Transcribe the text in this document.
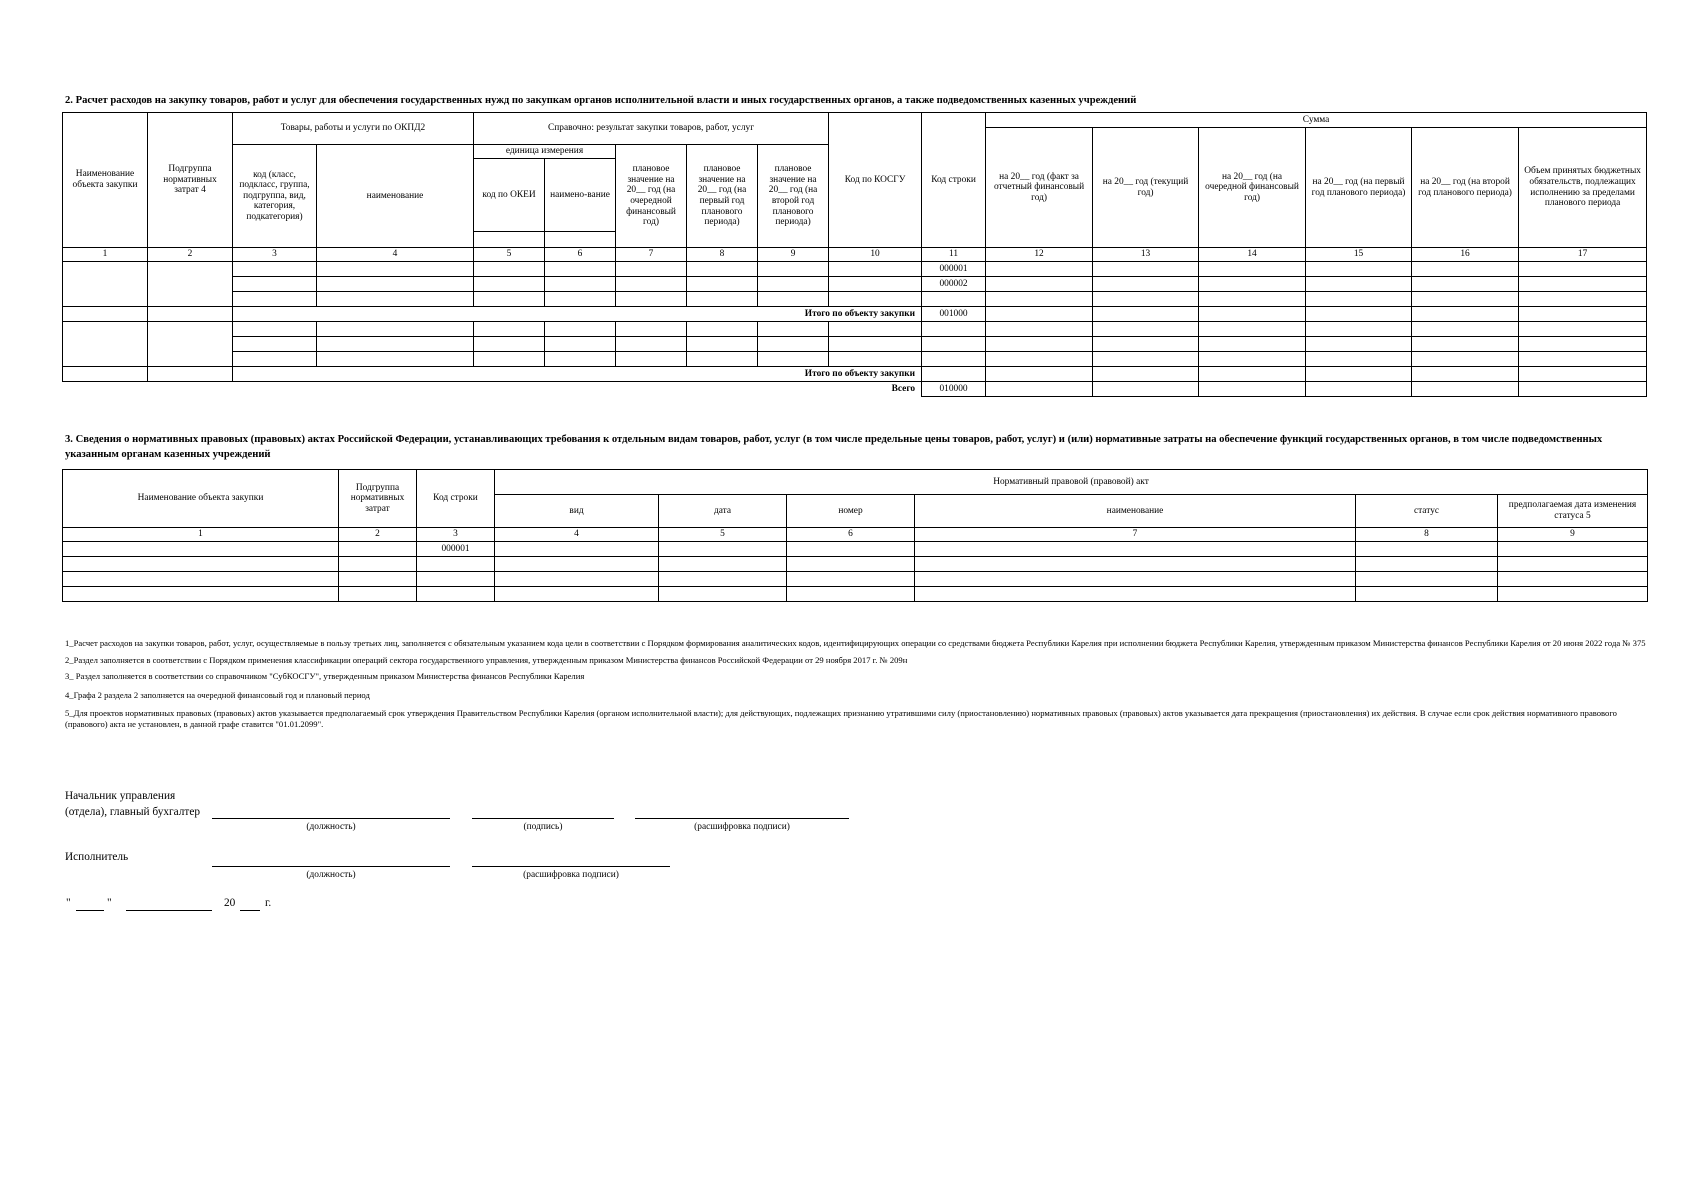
2. Расчет расходов на закупку товаров, работ и услуг для обеспечения государственных нужд по закупкам органов исполнительной власти и иных государственных органов, а также подведомственных казенных учреждений
Наименование объекта закупки	Подгруппа нормативных затрат 4	Товары, работы и услуги по ОКПД2		Справочно: результат закупки товаров, работ, услуг					Код по КОСГУ	Код строки	Сумма					
											на 20__ год (факт за отчетный финансовый год)	на 20__ год (текущий год)	на 20__ год (на очередной финансовый год)	на 20__ год (на первый год планового периода)	на 20__ год (на второй год планового периода)	Объем принятых бюджетных обязательств, подлежащих исполнению за пределами планового периода
		код (класс, подкласс, группа, подгруппа, вид, категория, подкатегория)	наименование	единица измерения		плановое значение на 20__ год (на очередной финансовый год)	плановое значение на 20__ год (на первый год планового периода)	плановое значение на 20__ год (на второй год планового периода)								
				код по ОКЕИ	наимено-вание											

1	2	3	4	5	6	7	8	9	10	11	12	13	14	15	16	17
										000001						
										000002						

		Итого по объекту закупки								001000						

		Итого по объекту закупки														
Всего										010000						
3. Сведения о нормативных правовых (правовых) актах Российской Федерации, устанавливающих требования к отдельным видам товаров, работ, услуг (в том числе предельные цены товаров, работ, услуг) и (или) нормативные затраты на обеспечение функций государственных органов, в том числе подведомственных указанным органам казенных учреждений
Наименование объекта закупки	Подгруппа нормативных затрат	Код строки	Нормативный правовой (правовой) акт					
			вид	дата	номер	наименование	статус	предполагаемая дата изменения статуса 5
1	2	3	4	5	6	7	8	9
		000001						

1_Расчет расходов на закупки товаров, работ, услуг, осуществляемые в пользу третьих лиц, заполняется с обязательным указанием кода цели в соответствии с Порядком формирования аналитических кодов, идентифицирующих операции со средствами бюджета Республики Карелия при исполнении бюджета Республики Карелия, утвержденным приказом Министерства финансов Республики Карелия от 20 июня 2022 года № 375

2_Раздел заполняется в соответствии с Порядком применения классификации операций сектора государственного управления, утвержденным приказом Министерства финансов Российской Федерации от 29 ноября 2017 г. № 209н

3_ Раздел заполняется в соответствии со справочником "СубКОСГУ", утвержденным приказом Министерства финансов Республики Карелия

4_Графа 2 раздела 2 заполняется на очередной финансовый год и плановый период

5_Для проектов нормативных правовых (правовых) актов указывается предполагаемый срок утверждения Правительством Республики Карелия (органом исполнительной власти); для действующих, подлежащих признанию утратившими силу (приостановлению) нормативных правовых (правовых) актов указывается дата прекращения (приостановления) их действия. В случае если срок действия нормативного правового (правового) акта не установлен, в данной графе ставится "01.01.2099".

Начальник управления
(отдела), главный бухгалтер
(должность)	(подпись)	(расшифровка подписи)
Исполнитель
(должность)	(расшифровка подписи)
"	"	20	г.
